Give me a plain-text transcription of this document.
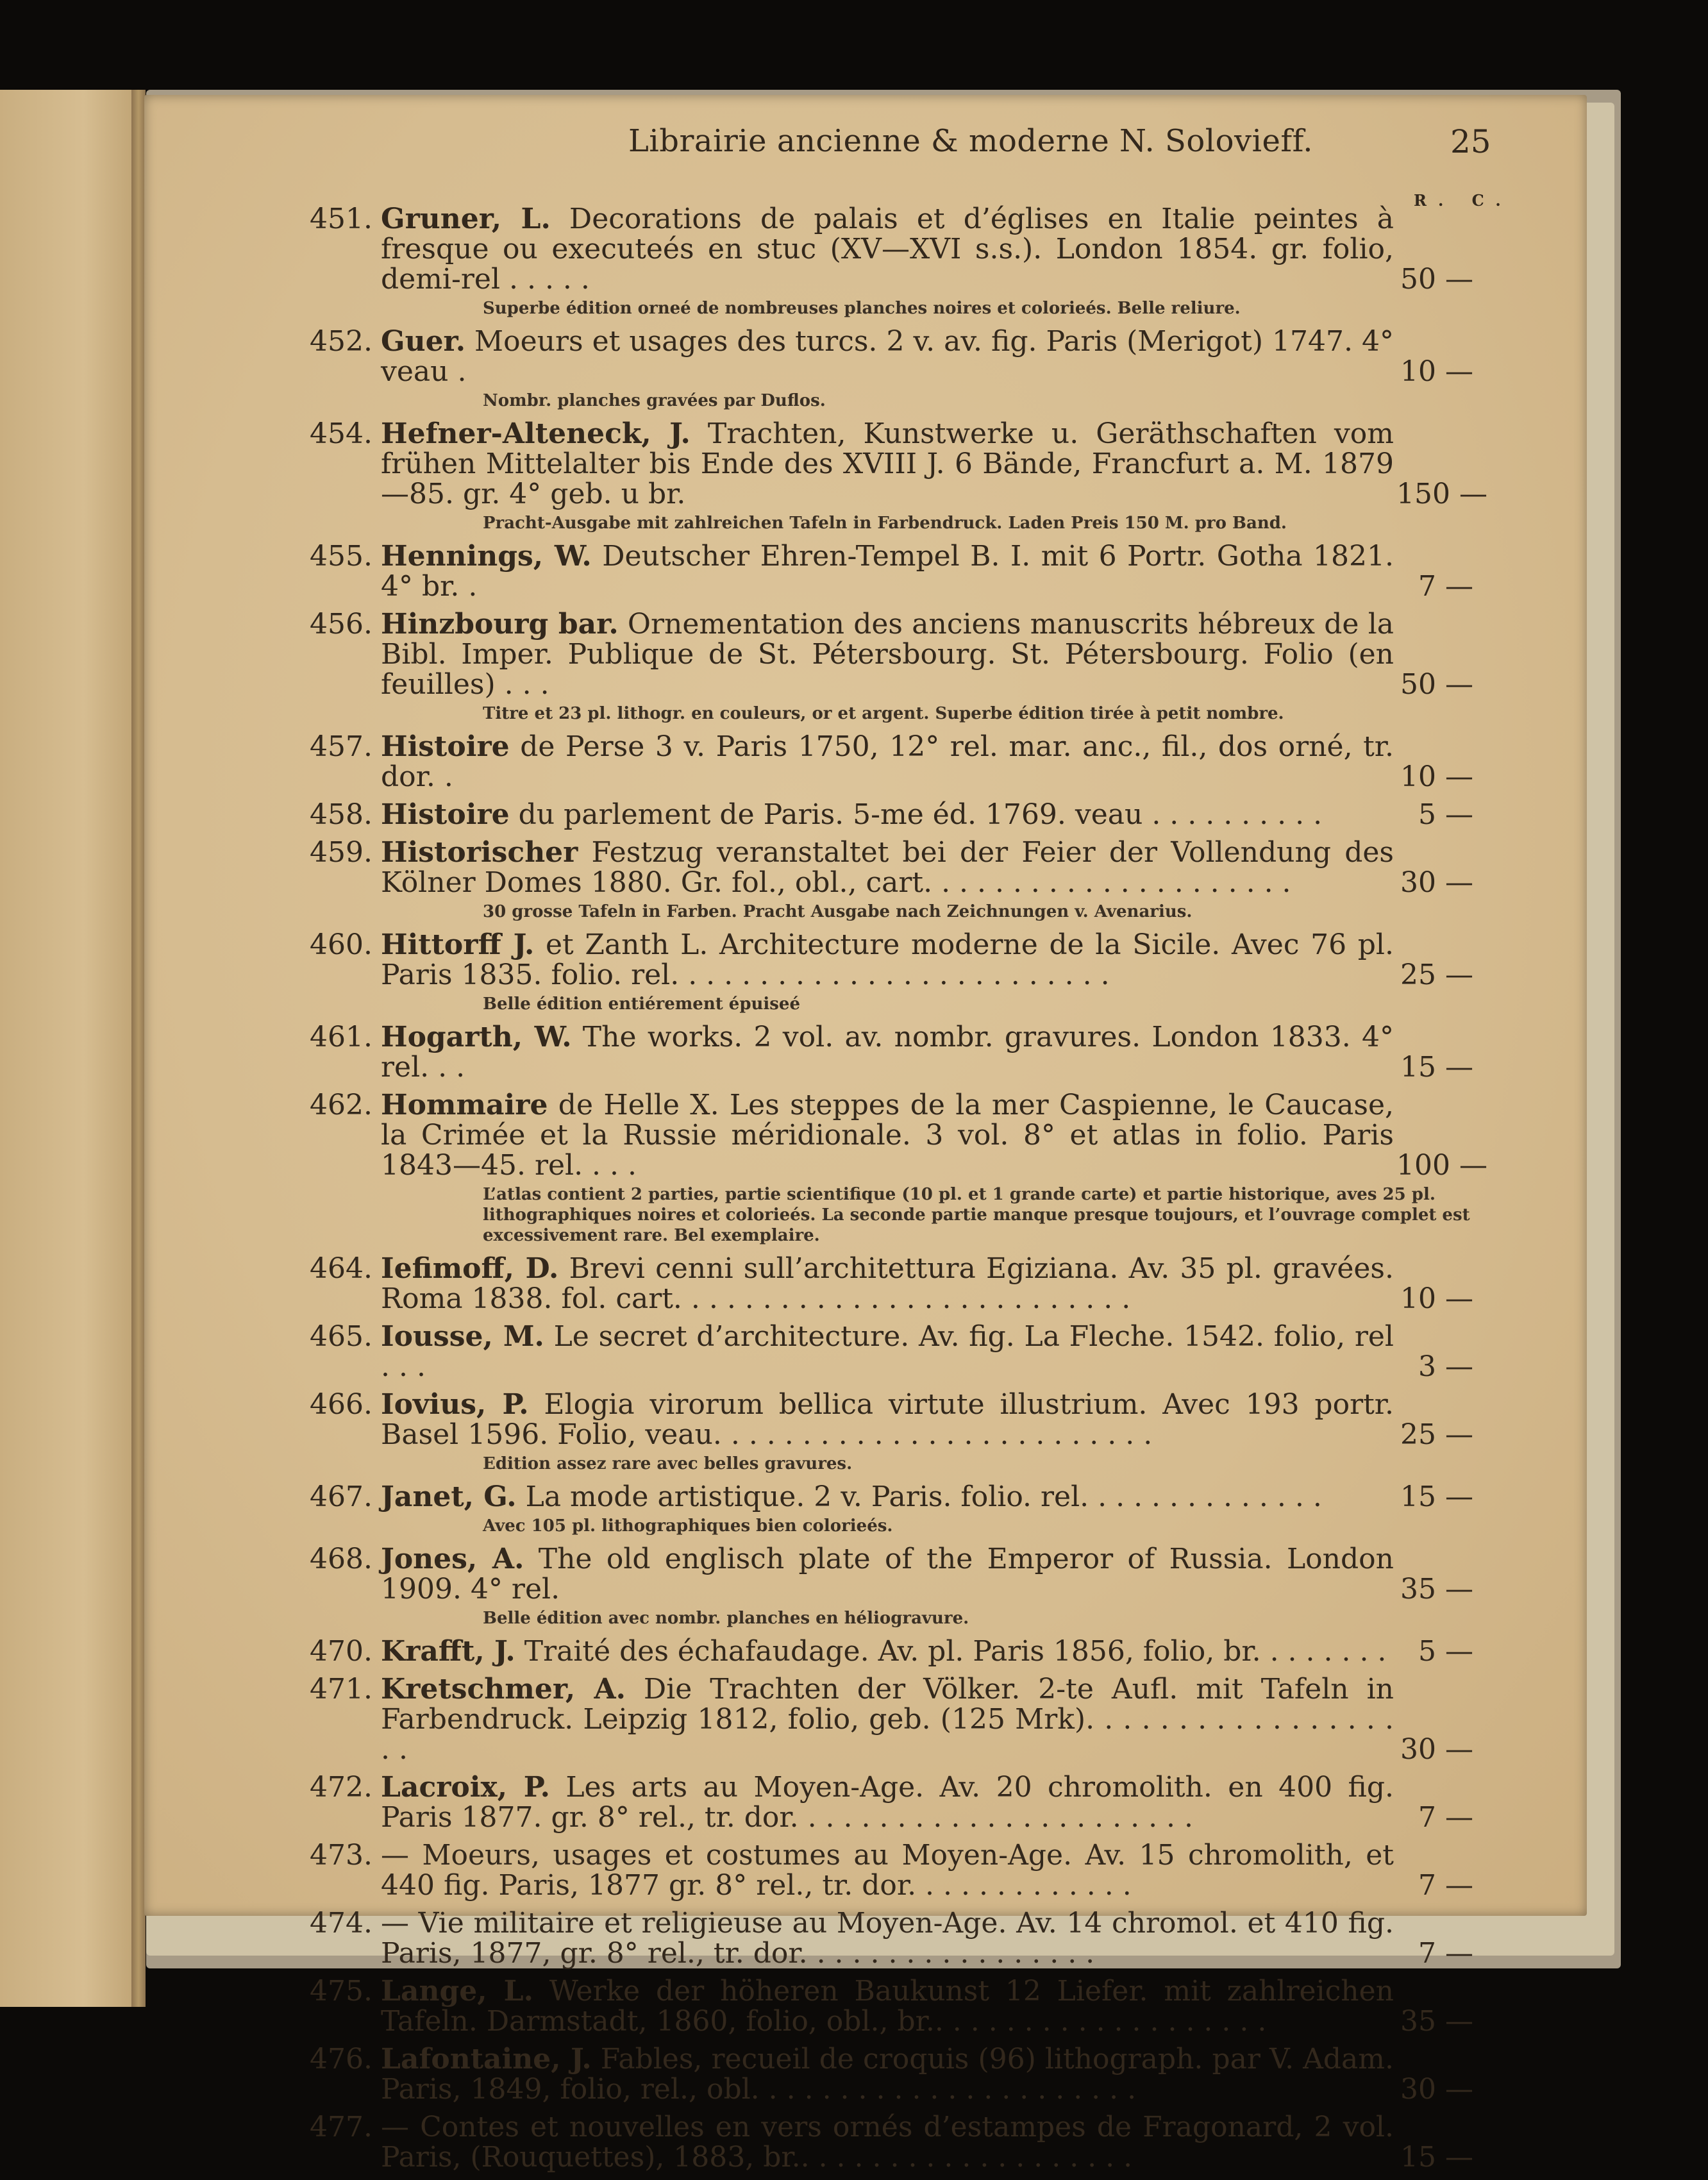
Librairie ancienne & moderne N. Solovieff.	25
R. C.
451. Gruner, L. Decorations de palais et d’églises en Italie peintes à fresque ou executeés en stuc (XV—XVI s.s.). London 1854. gr. folio, demi-rel . . . . .	50 —
Superbe édition orneé de nombreuses planches noires et colorieés. Belle reliure.
452. Guer. Moeurs et usages des turcs. 2 v. av. fig. Paris (Merigot) 1747. 4° veau .	10 —
Nombr. planches gravées par Duflos.
454. Hefner-Alteneck, J. Trachten, Kunstwerke u. Geräthschaften vom frühen Mittelalter bis Ende des XVIII J. 6 Bände, Francfurt a. M. 1879—85. gr. 4° geb. u br.	150 —
Pracht-Ausgabe mit zahlreichen Tafeln in Farbendruck. Laden Preis 150 M. pro Band.
455. Hennings, W. Deutscher Ehren-Tempel B. I. mit 6 Portr. Gotha 1821. 4° br. .	7 —
456. Hinzbourg bar. Ornementation des anciens manuscrits hébreux de la Bibl. Imper. Publique de St. Pétersbourg. St. Pétersbourg. Folio (en feuilles) . . .	50 —
Titre et 23 pl. lithogr. en couleurs, or et argent. Superbe édition tirée à petit nombre.
457. Histoire de Perse 3 v. Paris 1750, 12° rel. mar. anc., fil., dos orné, tr. dor. .	10 —
458. Histoire du parlement de Paris. 5-me éd. 1769. veau . . . . . . . . . .	5 —
459. Historischer Festzug veranstaltet bei der Feier der Vollendung des Kölner Domes 1880. Gr. fol., obl., cart. . . . . . . . . . . . . . . . . . . . .	30 —
30 grosse Tafeln in Farben. Pracht Ausgabe nach Zeichnungen v. Avenarius.
460. Hittorff J. et Zanth L. Architecture moderne de la Sicile. Avec 76 pl. Paris 1835. folio. rel. . . . . . . . . . . . . . . . . . . . . . . . .	25 —
Belle édition entiérement épuiseé
461. Hogarth, W. The works. 2 vol. av. nombr. gravures. London 1833. 4° rel. . .	15 —
462. Hommaire de Helle X. Les steppes de la mer Caspienne, le Caucase, la Crimée et la Russie méridionale. 3 vol. 8° et atlas in folio. Paris 1843—45. rel. . . .	100 —
L’atlas contient 2 parties, partie scientifique (10 pl. et 1 grande carte) et partie historique, aves 25 pl. lithographiques noires et colorieés. La seconde partie manque presque toujours, et l’ouvrage complet est excessivement rare. Bel exemplaire.
464. Iefimoff, D. Brevi cenni sull’architettura Egiziana. Av. 35 pl. gravées. Roma 1838. fol. cart. . . . . . . . . . . . . . . . . . . . . . . . . .	10 —
465. Iousse, M. Le secret d’architecture. Av. fig. La Fleche. 1542. folio, rel . . .	3 —
466. Iovius, P. Elogia virorum bellica virtute illustrium. Avec 193 portr. Basel 1596. Folio, veau. . . . . . . . . . . . . . . . . . . . . . . . .	25 —
Edition assez rare avec belles gravures.
467. Janet, G. La mode artistique. 2 v. Paris. folio. rel. . . . . . . . . . . . . .	15 —
Avec 105 pl. lithographiques bien colorieés.
468. Jones, A. The old englisch plate of the Emperor of Russia. London 1909. 4° rel.	35 —
Belle édition avec nombr. planches en héliogravure.
470. Krafft, J. Traité des échafaudage. Av. pl. Paris 1856, folio, br. . . . . . . .	5 —
471. Kretschmer, A. Die Trachten der Völker. 2-te Aufl. mit Tafeln in Farbendruck. Leipzig 1812, folio, geb. (125 Mrk). . . . . . . . . . . . . . . . . . .	30 —
472. Lacroix, P. Les arts au Moyen-Age. Av. 20 chromolith. en 400 fig. Paris 1877. gr. 8° rel., tr. dor. . . . . . . . . . . . . . . . . . . . . . .	7 —
473. — Moeurs, usages et costumes au Moyen-Age. Av. 15 chromolith, et 440 fig. Paris, 1877 gr. 8° rel., tr. dor. . . . . . . . . . . . .	7 —
474. — Vie militaire et religieuse au Moyen-Age. Av. 14 chromol. et 410 fig. Paris, 1877, gr. 8° rel., tr. dor. . . . . . . . . . . . . . . . .	7 —
475. Lange, L. Werke der höheren Baukunst 12 Liefer. mit zahlreichen Tafeln. Darmstadt, 1860, folio, obl., br.. . . . . . . . . . . . . . . . . . .	35 —
476. Lafontaine, J. Fables, recueil de croquis (96) lithograph. par V. Adam. Paris, 1849, folio, rel., obl. . . . . . . . . . . . . . . . . . . . . .	30 —
477. — Contes et nouvelles en vers ornés d’estampes de Fragonard, 2 vol. Paris, (Rouquettes), 1883, br.. . . . . . . . . . . . . . . . . . .	15 —
